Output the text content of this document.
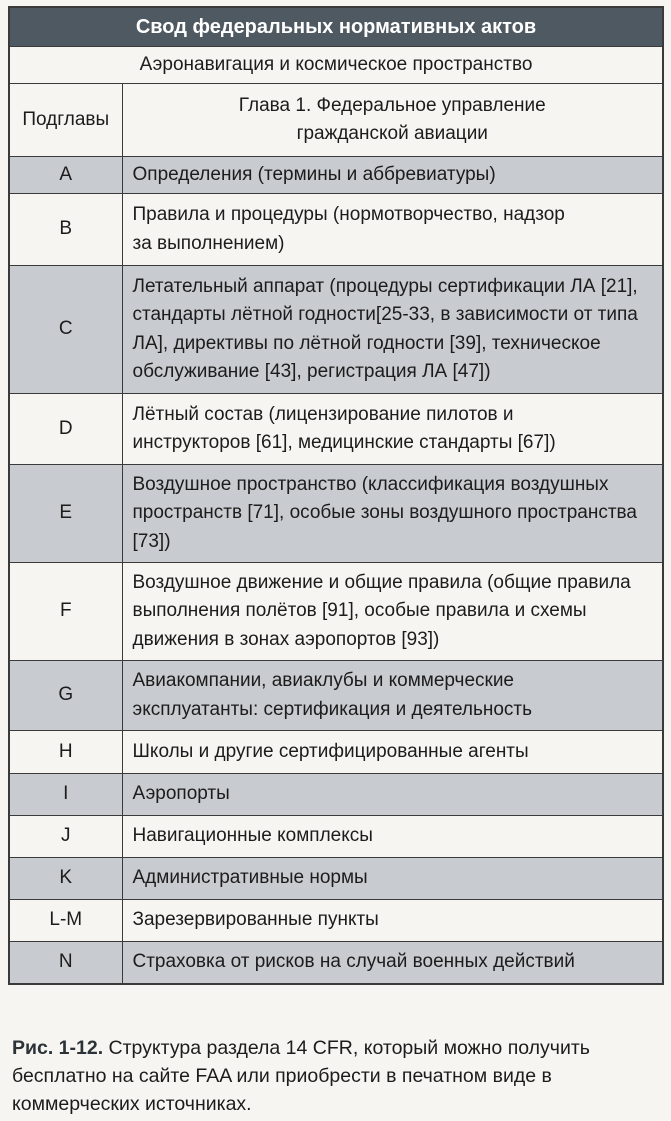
Свод федеральных нормативных актов	
Аэронавигация и космическое пространство	
Подглавы	Глава 1. Федеральное управление гражданской авиации

A	Определения (термины и аббревиатуры)
B	Правила и процедуры (нормотворчество, надзор за выполнением)

C	Летательный аппарат (процедуры сертификации ЛА [21], стандарты лётной годности[25-33, в зависимости от типа ЛА], директивы по лётной годности [39], техническое обслуживание [43], регистрация ЛА [47])
D	Лётный состав (лицензирование пилотов и инструкторов [61], медицинские стандарты [67])

E	Воздушное пространство (классификация воздушных пространств [71], особые зоны воздушного пространства [73])

F	Воздушное движение и общие правила (общие правила выполнения полётов [91], особые правила и схемы движения в зонах аэропортов [93])
G	Авиакомпании, авиаклубы и коммерческие эксплуатанты: сертификация и деятельность

H	Школы и другие сертифицированные агенты
I	Аэропорты
J	Навигационные комплексы
K	Административные нормы
L-M	Зарезервированные пункты
N	Страховка от рисков на случай военных действий
Рис. 1-12. Структура раздела 14 CFR, который можно получить бесплатно на сайте FAA или приобрести в печатном виде в коммерческих источниках.
